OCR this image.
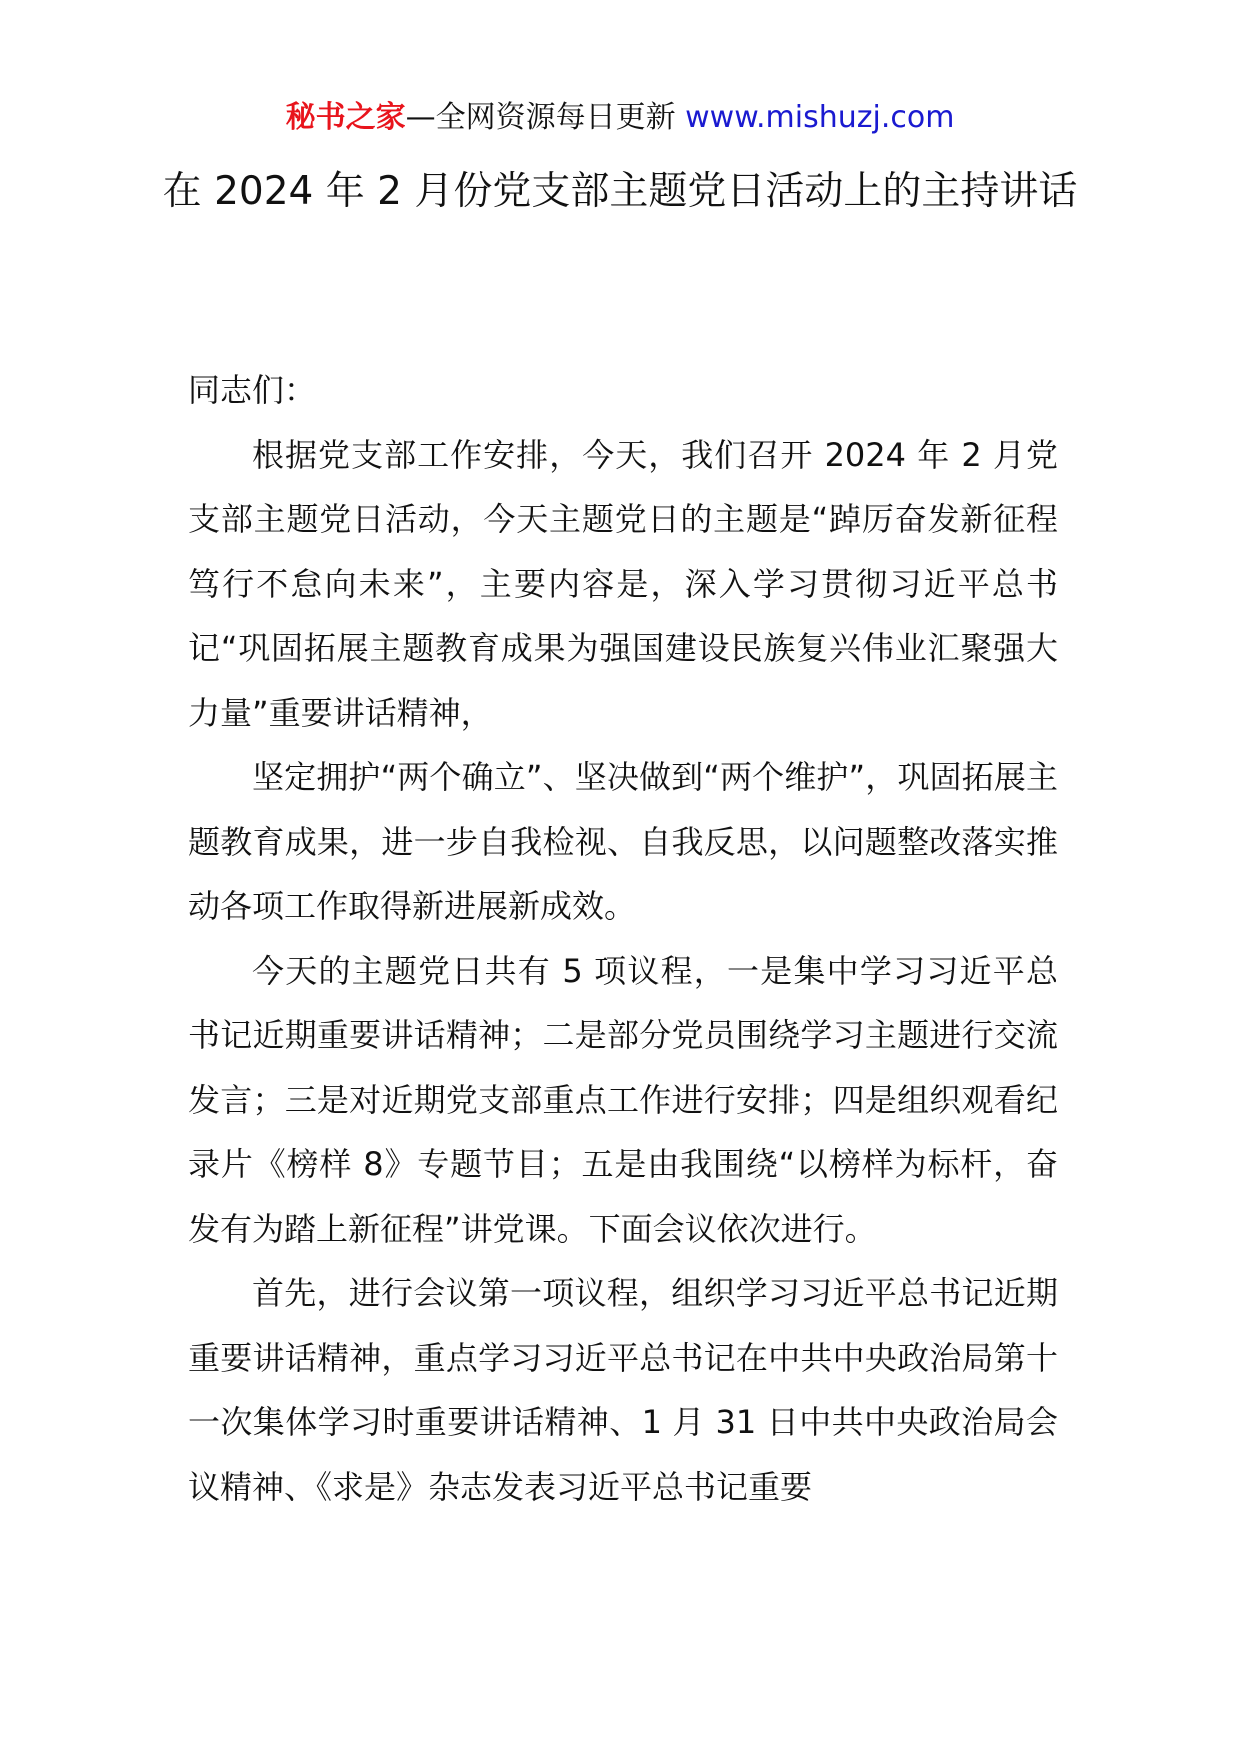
秘书之家—全网资源每日更新 www.mishuzj.com
在 2024 年 2 月份党支部主题党日活动上的主持讲话

同志们：

根据党支部工作安排，今天，我们召开 2024 年 2 月党支部主题党日活动，今天主题党日的主题是“踔厉奋发新征程笃行不怠向未来”，主要内容是，深入学习贯彻习近平总书记“巩固拓展主题教育成果为强国建设民族复兴伟业汇聚强大力量”重要讲话精神，

坚定拥护“两个确立”、坚决做到“两个维护”，巩固拓展主题教育成果，进一步自我检视、自我反思，以问题整改落实推动各项工作取得新进展新成效。

今天的主题党日共有 5 项议程，一是集中学习习近平总书记近期重要讲话精神；二是部分党员围绕学习主题进行交流发言；三是对近期党支部重点工作进行安排；四是组织观看纪录片《榜样 8》专题节目；五是由我围绕“以榜样为标杆，奋发有为踏上新征程”讲党课。下面会议依次进行。

首先，进行会议第一项议程，组织学习习近平总书记近期重要讲话精神，重点学习习近平总书记在中共中央政治局第十一次集体学习时重要讲话精神、1 月 31 日中共中央政治局会议精神、《求是》杂志发表习近平总书记重要
